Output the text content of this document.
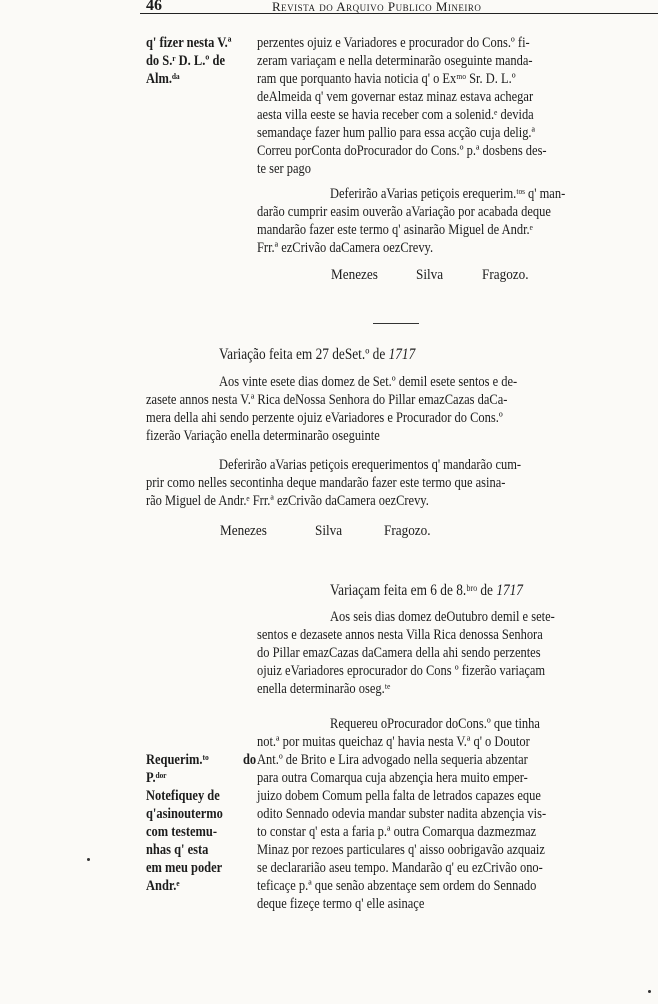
46	Revista do Arquivo Publico Mineiro
q' fizer nesta V.ª
do S.ʳ D. L.º de
Alm.ᵈᵃ
perzentes ojuiz e Variadores e procurador do Cons.º fi-
zeram variaçam e nella determinarão oseguinte manda-
ram que porquanto havia noticia q' o Exᵐᵒ Sr. D. L.º
deAlmeida q' vem governar estaz minaz estava achegar
aesta villa eeste se havia receber com a solenid.ᵉ devida
semandaçe fazer hum pallio para essa acção cuja delig.ª
Correu porConta doProcurador do Cons.º p.ª dosbens des-
te ser pago
Deferirão aVarias petiçois erequerim.ᵗᵒˢ q' man-
darão cumprir easim ouverão aVariação por acabada deque
mandarão fazer este termo q' asinarão Miguel de Andr.ᵉ
Frr.ª ezCrivão daCamera oezCrevy.
Menezes	Silva	Fragozo.
Variação feita em 27 deSet.º de 1717
Aos vinte esete dias domez de Set.º demil esete sentos e de-
zasete annos nesta V.ª Rica deNossa Senhora do Pillar emazCazas daCa-
mera della ahi sendo perzente ojuiz eVariadores e Procurador do Cons.º
fizerão Variação enella determinarão oseguinte
Deferirão aVarias petiçois erequerimentos q' mandarão cum-
prir como nelles secontinha deque mandarão fazer este termo que asina-
rão Miguel de Andr.ᵉ Frr.ª ezCrivão daCamera oezCrevy.
Menezes	Silva	Fragozo.
Variaçam feita em 6 de 8.ᵇʳᵒ de 1717
Aos seis dias domez deOutubro demil e sete-
sentos e dezasete annos nesta Villa Rica denossa Senhora
do Pillar emazCazas daCamera della ahi sendo perzentes
ojuiz eVariadores eprocurador do Cons º fizerão variaçam
enella determinarão oseg.ᵗᵉ
Requereu oProcurador doCons.º que tinha
not.ª por muitas queichaz q' havia nesta V.ª q' o Doutor
Ant.º de Brito e Lira advogado nella sequeria abzentar
para outra Comarqua cuja abzençia hera muito emper-
juizo dobem Comum pella falta de letrados capazes eque
odito Sennado odevia mandar subster nadita abzençia vis-
to constar q' esta a faria p.ª outra Comarqua dazmezmaz
Minaz por rezoes particulares q' aisso oobrigavão azquaiz
se declararião aseu tempo. Mandarão q' eu ezCrivão ono-
teficaçe p.ª que senão abzentaçe sem ordem do Sennado
deque fizeçe termo q' elle asinaçe
Requerim.ᵗᵒ do
P.ᵈᵒʳ
Notefiquey de
q'asinoutermo
com testemu-
nhas q' esta
em meu poder
Andr.ᵉ
